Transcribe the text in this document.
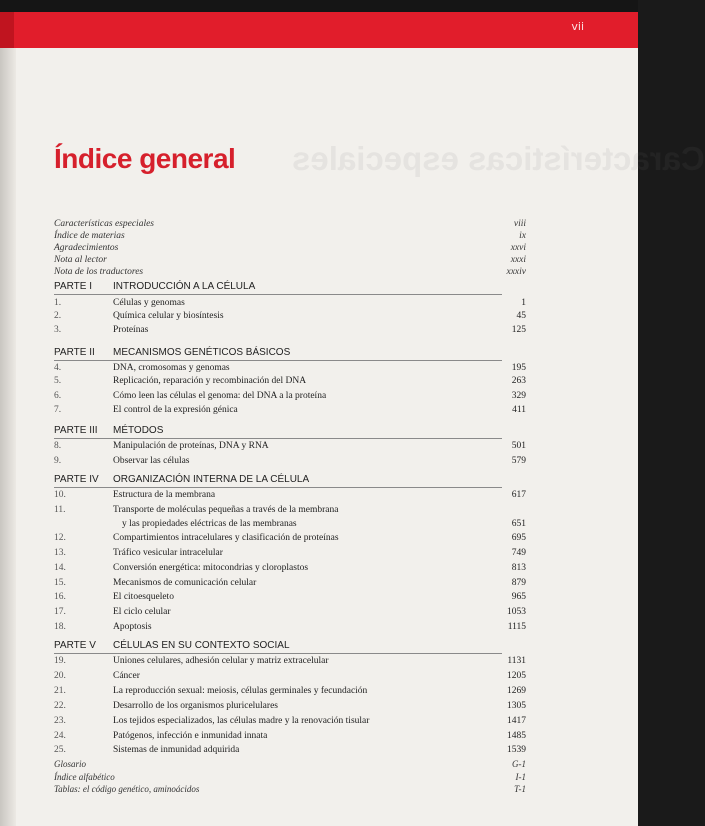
vii
Características especiales
Índice general
Características especiales	viii
Índice de materias	ix
Agradecimientos	xxvi
Nota al lector	xxxi
Nota de los traductores	xxxiv
PARTE I INTRODUCCIÓN A LA CÉLULA
1.	Células y genomas	1
2.	Química celular y biosíntesis	45
3.	Proteínas	125
PARTE II MECANISMOS GENÉTICOS BÁSICOS
4.	DNA, cromosomas y genomas	195
5.	Replicación, reparación y recombinación del DNA	263
6.	Cómo leen las células el genoma: del DNA a la proteína	329
7.	El control de la expresión génica	411
PARTE III MÉTODOS
8.	Manipulación de proteínas, DNA y RNA	501
9.	Observar las células	579
PARTE IV ORGANIZACIÓN INTERNA DE LA CÉLULA
10.	Estructura de la membrana	617
11.	Transporte de moléculas pequeñas a través de la membrana
y las propiedades eléctricas de las membranas	651
12.	Compartimientos intracelulares y clasificación de proteínas	695
13.	Tráfico vesicular intracelular	749
14.	Conversión energética: mitocondrias y cloroplastos	813
15.	Mecanismos de comunicación celular	879
16.	El citoesqueleto	965
17.	El ciclo celular	1053
18.	Apoptosis	1115
PARTE V CÉLULAS EN SU CONTEXTO SOCIAL
19.	Uniones celulares, adhesión celular y matriz extracelular	1131
20.	Cáncer	1205
21.	La reproducción sexual: meiosis, células germinales y fecundación	1269
22.	Desarrollo de los organismos pluricelulares	1305
23.	Los tejidos especializados, las células madre y la renovación tisular	1417
24.	Patógenos, infección e inmunidad innata	1485
25.	Sistemas de inmunidad adquirida	1539
Glosario	G-1
Índice alfabético	I-1
Tablas: el código genético, aminoácidos	T-1
